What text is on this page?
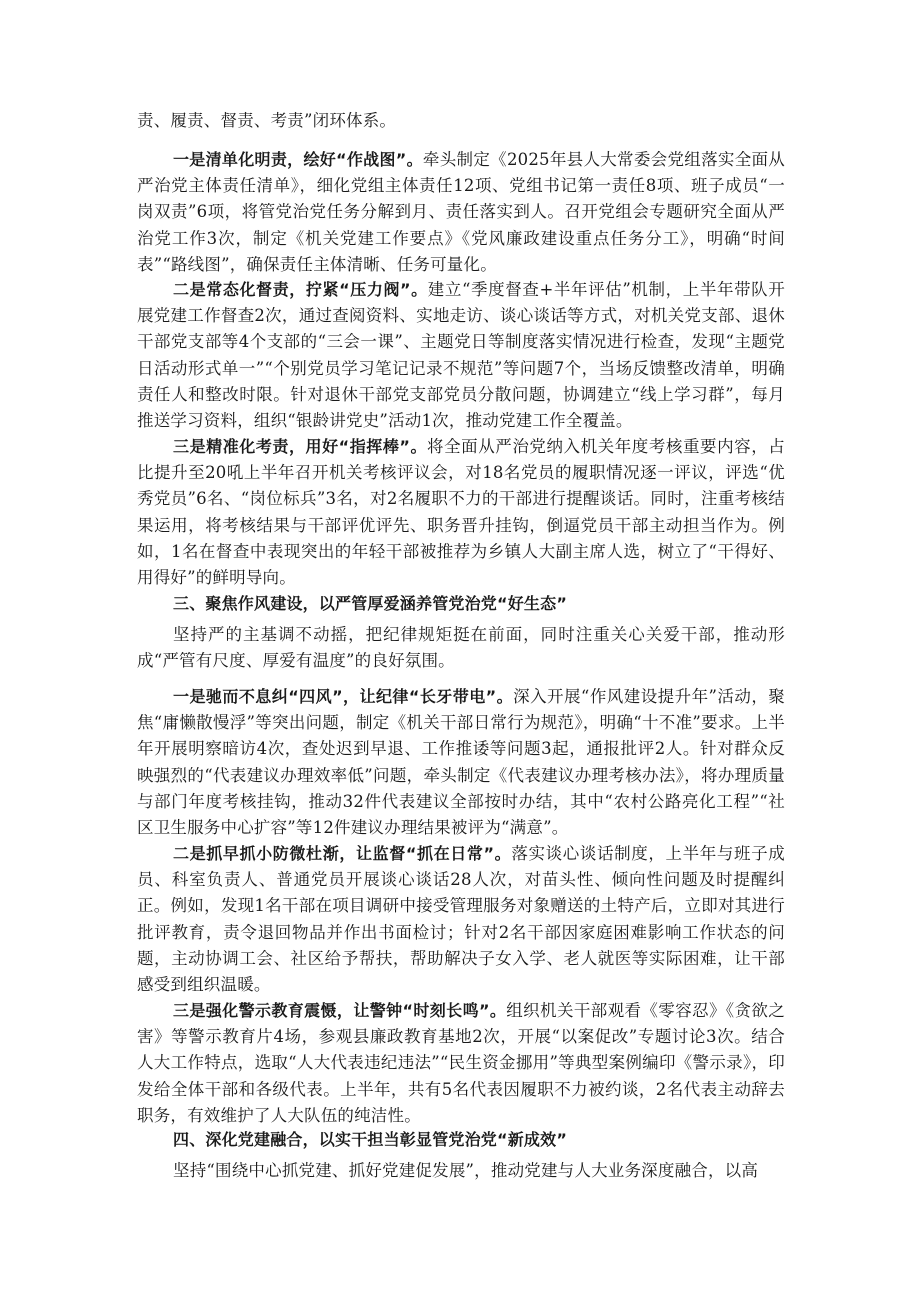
责、履责、督责、考责”闭环体系。

一是清单化明责，绘好“作战图”。牵头制定《2025年县人大常委会党组落实全面从严治党主体责任清单》，细化党组主体责任12项、党组书记第一责任8项、班子成员“一岗双责”6项，将管党治党任务分解到月、责任落实到人。召开党组会专题研究全面从严治党工作3次，制定《机关党建工作要点》《党风廉政建设重点任务分工》，明确“时间表”“路线图”，确保责任主体清晰、任务可量化。

二是常态化督责，拧紧“压力阀”。建立“季度督查+半年评估”机制，上半年带队开展党建工作督查2次，通过查阅资料、实地走访、谈心谈话等方式，对机关党支部、退休干部党支部等4个支部的“三会一课”、主题党日等制度落实情况进行检查，发现“主题党日活动形式单一”“个别党员学习笔记记录不规范”等问题7个，当场反馈整改清单，明确责任人和整改时限。针对退休干部党支部党员分散问题，协调建立“线上学习群”，每月推送学习资料，组织“银龄讲党史”活动1次，推动党建工作全覆盖。

三是精准化考责，用好“指挥棒”。将全面从严治党纳入机关年度考核重要内容，占比提升至20吼上半年召开机关考核评议会，对18名党员的履职情况逐一评议，评选“优秀党员”6名、“岗位标兵”3名，对2名履职不力的干部进行提醒谈话。同时，注重考核结果运用，将考核结果与干部评优评先、职务晋升挂钩，倒逼党员干部主动担当作为。例如，1名在督查中表现突出的年轻干部被推荐为乡镇人大副主席人选，树立了“干得好、用得好”的鲜明导向。

三、聚焦作风建设，以严管厚爱涵养管党治党“好生态”

坚持严的主基调不动摇，把纪律规矩挺在前面，同时注重关心关爱干部，推动形成“严管有尺度、厚爱有温度”的良好氛围。

一是驰而不息纠“四风”，让纪律“长牙带电”。深入开展“作风建设提升年”活动，聚焦“庸懒散慢浮”等突出问题，制定《机关干部日常行为规范》，明确“十不准”要求。上半年开展明察暗访4次，查处迟到早退、工作推诿等问题3起，通报批评2人。针对群众反映强烈的“代表建议办理效率低”问题，牵头制定《代表建议办理考核办法》，将办理质量与部门年度考核挂钩，推动32件代表建议全部按时办结，其中“农村公路亮化工程”“社区卫生服务中心扩容”等12件建议办理结果被评为“满意”。

二是抓早抓小防微杜渐，让监督“抓在日常”。落实谈心谈话制度，上半年与班子成员、科室负责人、普通党员开展谈心谈话28人次，对苗头性、倾向性问题及时提醒纠正。例如，发现1名干部在项目调研中接受管理服务对象赠送的土特产后，立即对其进行批评教育，责令退回物品并作出书面检讨；针对2名干部因家庭困难影响工作状态的问题，主动协调工会、社区给予帮扶，帮助解决子女入学、老人就医等实际困难，让干部感受到组织温暖。

三是强化警示教育震慑，让警钟“时刻长鸣”。组织机关干部观看《零容忍》《贪欲之害》等警示教育片4场，参观县廉政教育基地2次，开展“以案促改”专题讨论3次。结合人大工作特点，选取“人大代表违纪违法”“民生资金挪用”等典型案例编印《警示录》，印发给全体干部和各级代表。上半年，共有5名代表因履职不力被约谈，2名代表主动辞去职务，有效维护了人大队伍的纯洁性。

四、深化党建融合，以实干担当彰显管党治党“新成效”

坚持“围绕中心抓党建、抓好党建促发展”，推动党建与人大业务深度融合，以高
